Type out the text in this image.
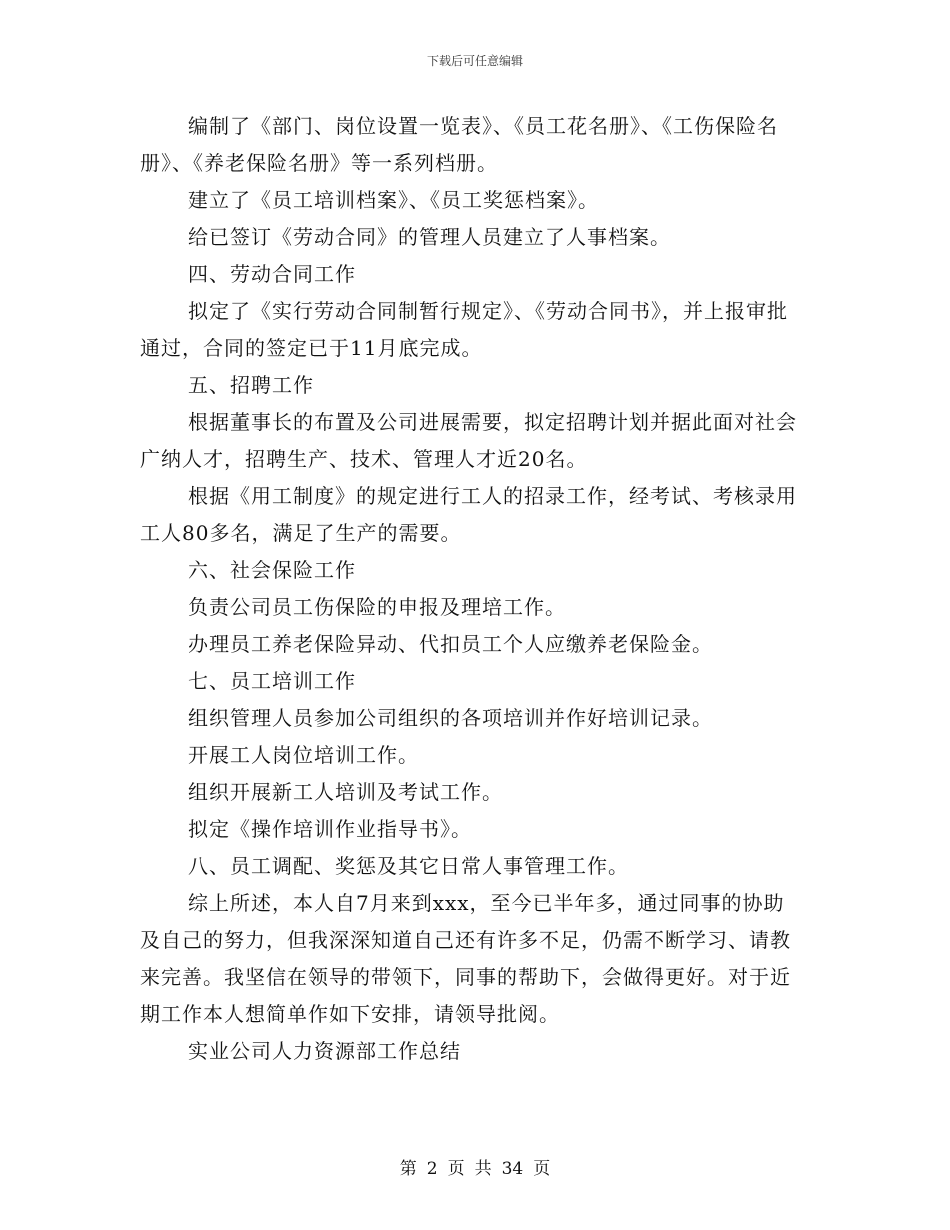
下载后可任意编辑

编制了《部门、岗位设置一览表》、《员工花名册》、《工伤保险名册》、《养老保险名册》等一系列档册。

建立了《员工培训档案》、《员工奖惩档案》。

给已签订《劳动合同》的管理人员建立了人事档案。

四、劳动合同工作

拟定了《实行劳动合同制暂行规定》、《劳动合同书》，并上报审批通过，合同的签定已于11月底完成。

五、招聘工作

根据董事长的布置及公司进展需要，拟定招聘计划并据此面对社会广纳人才，招聘生产、技术、管理人才近20名。

根据《用工制度》的规定进行工人的招录工作，经考试、考核录用工人80多名，满足了生产的需要。

六、社会保险工作

负责公司员工伤保险的申报及理培工作。

办理员工养老保险异动、代扣员工个人应缴养老保险金。

七、员工培训工作

组织管理人员参加公司组织的各项培训并作好培训记录。

开展工人岗位培训工作。

组织开展新工人培训及考试工作。

拟定《操作培训作业指导书》。

八、员工调配、奖惩及其它日常人事管理工作。

综上所述，本人自7月来到xxx，至今已半年多，通过同事的协助及自己的努力，但我深深知道自己还有许多不足，仍需不断学习、请教来完善。我坚信在领导的带领下，同事的帮助下，会做得更好。对于近期工作本人想简单作如下安排，请领导批阅。

实业公司人力资源部工作总结

第 2 页 共 34 页
